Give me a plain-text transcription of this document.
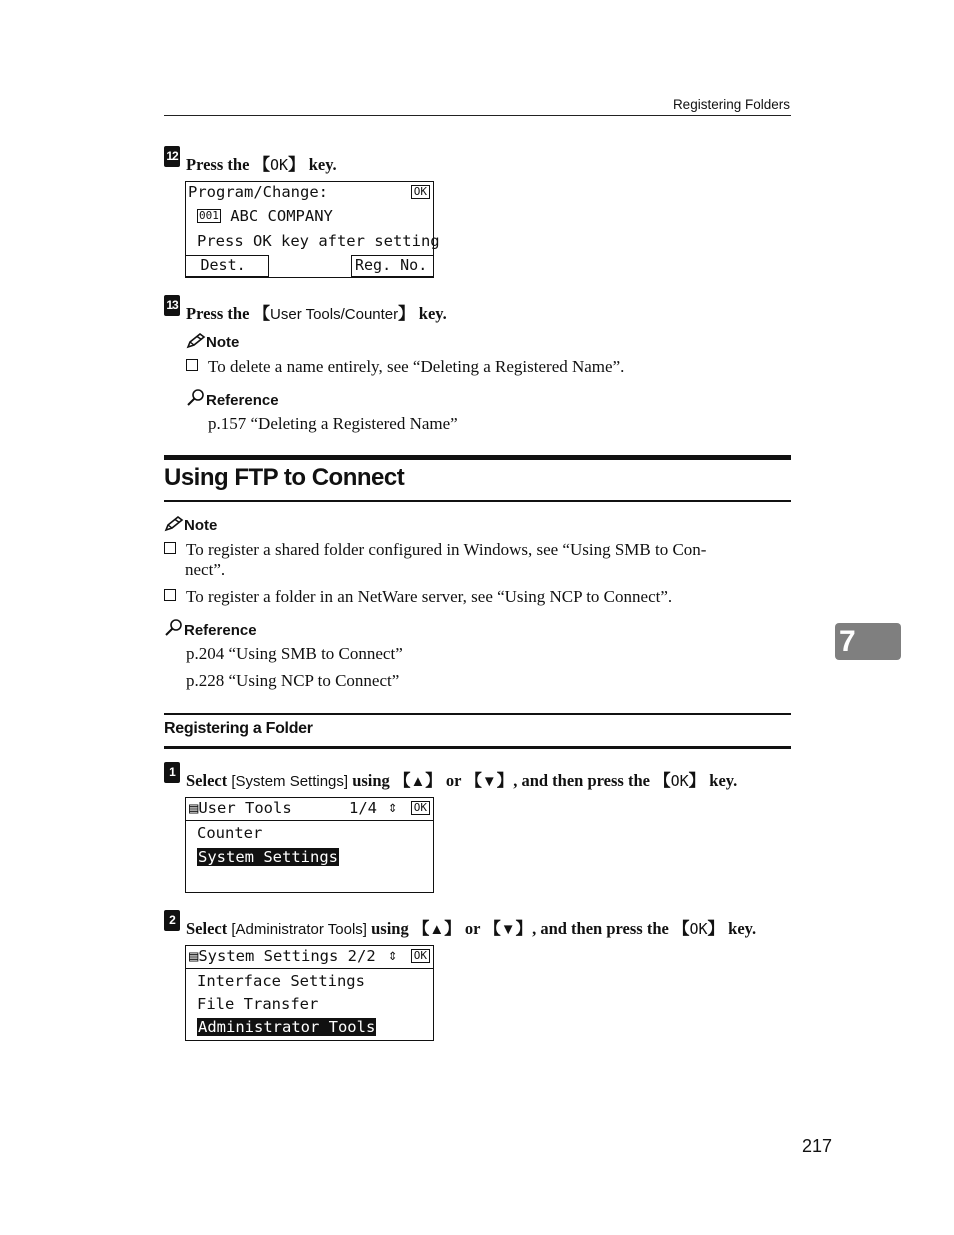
Registering Folders
12 Press the 【OK】 key.
Program/Change:	OK
001 ABC COMPANY
Press OK key after setting
Dest.	Reg. No.
13 Press the 【User Tools/Counter】 key.
Note
To delete a name entirely, see “Deleting a Registered Name”.
Reference
p.157 “Deleting a Registered Name”
Using FTP to Connect
Note
To register a shared folder configured in Windows, see “Using SMB to Con-
nect”.
To register a folder in an NetWare server, see “Using NCP to Connect”.
Reference
p.204 “Using SMB to Connect”
p.228 “Using NCP to Connect”
Registering a Folder
1 Select [System Settings] using 【▲】 or 【▼】, and then press the 【OK】 key.
▤User Tools	1/4 ⇕ OK
Counter
System Settings
2 Select [Administrator Tools] using 【▲】 or 【▼】, and then press the 【OK】 key.
▤System Settings 2/2 ⇕ OK
Interface Settings
File Transfer
Administrator Tools
7
217
